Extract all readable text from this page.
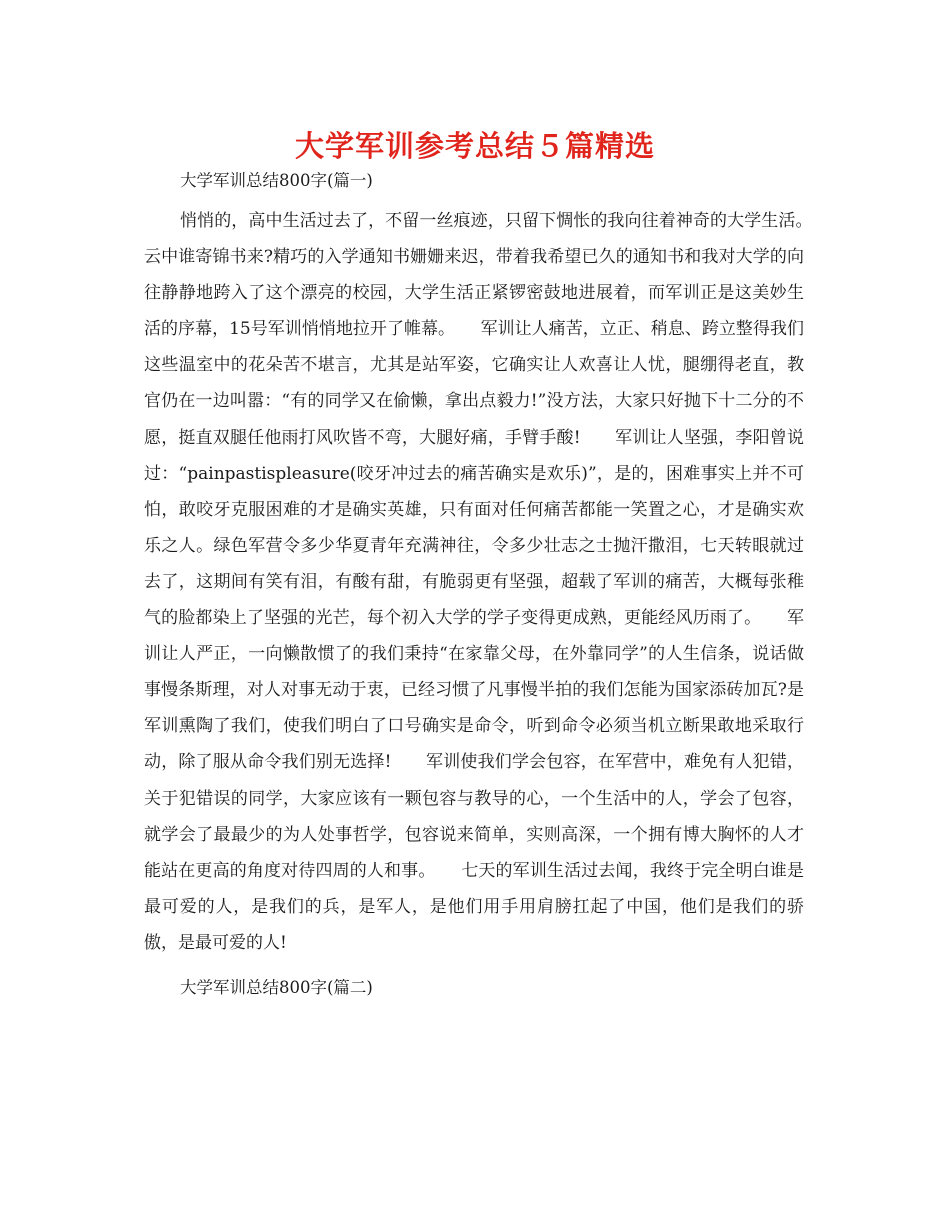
大学军训参考总结５篇精选

大学军训总结800字(篇一)

悄悄的，高中生活过去了，不留一丝痕迹，只留下惆怅的我向往着神奇的大学生活。　　云中谁寄锦书来?精巧的入学通知书姗姗来迟，带着我希望已久的通知书和我对大学的向往静静地跨入了这个漂亮的校园，大学生活正紧锣密鼓地进展着，而军训正是这美妙生活的序幕，15号军训悄悄地拉开了帷幕。　　军训让人痛苦，立正、稍息、跨立整得我们这些温室中的花朵苦不堪言，尤其是站军姿，它确实让人欢喜让人忧，腿绷得老直，教官仍在一边叫嚣：“有的同学又在偷懒，拿出点毅力!”没方法，大家只好抛下十二分的不愿，挺直双腿任他雨打风吹皆不弯，大腿好痛，手臂手酸!　　军训让人坚强，李阳曾说过：“painpastispleasure(咬牙冲过去的痛苦确实是欢乐)”，是的，困难事实上并不可怕，敢咬牙克服困难的才是确实英雄，只有面对任何痛苦都能一笑置之心，才是确实欢乐之人。绿色军营令多少华夏青年充满神往，令多少壮志之士抛汗撒泪，七天转眼就过去了，这期间有笑有泪，有酸有甜，有脆弱更有坚强，超载了军训的痛苦，大概每张稚气的脸都染上了坚强的光芒，每个初入大学的学子变得更成熟，更能经风历雨了。　　军训让人严正，一向懒散惯了的我们秉持“在家靠父母，在外靠同学”的人生信条，说话做事慢条斯理，对人对事无动于衷，已经习惯了凡事慢半拍的我们怎能为国家添砖加瓦?是军训熏陶了我们，使我们明白了口号确实是命令，听到命令必须当机立断果敢地采取行动，除了服从命令我们别无选择!　　军训使我们学会包容，在军营中，难免有人犯错，关于犯错误的同学，大家应该有一颗包容与教导的心，一个生活中的人，学会了包容，就学会了最最少的为人处事哲学，包容说来简单，实则高深，一个拥有博大胸怀的人才能站在更高的角度对待四周的人和事。　　七天的军训生活过去闻，我终于完全明白谁是最可爱的人，是我们的兵，是军人，是他们用手用肩膀扛起了中国，他们是我们的骄傲，是最可爱的人!

大学军训总结800字(篇二)
